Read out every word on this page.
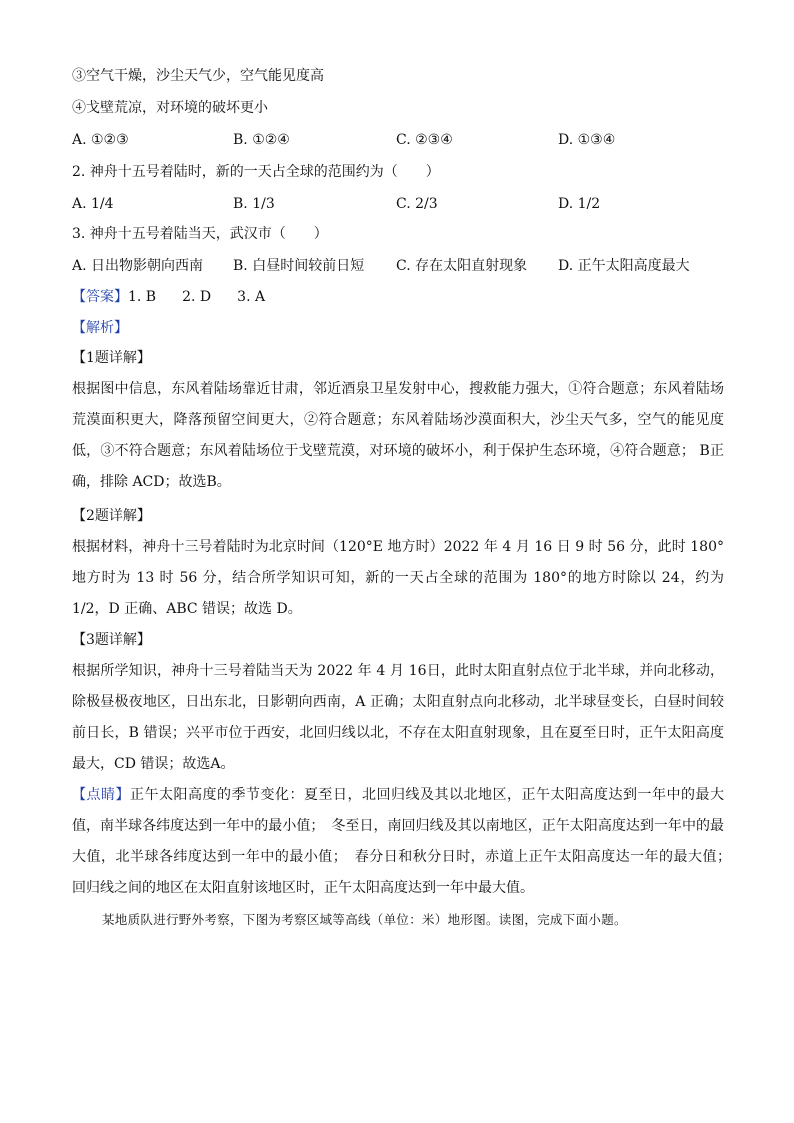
③空气干燥，沙尘天气少，空气能见度高
④戈壁荒凉，对环境的破坏更小
A. ①②③	B. ①②④	C. ②③④	D. ①③④
2. 神舟十五号着陆时，新的一天占全球的范围约为（　　）
A. 1/4	B. 1/3	C. 2/3	D. 1/2
3. 神舟十五号着陆当天，武汉市（　　）
A. 日出物影朝向西南 B. 白昼时间较前日短 C. 存在太阳直射现象 D. 正午太阳高度最大
【答案】1. B 2. D 3. A
【解析】
【1题详解】
根据图中信息，东风着陆场靠近甘肃，邻近酒泉卫星发射中心，搜救能力强大，①符合题意；东风着陆场荒漠面积更大，降落预留空间更大，②符合题意；东风着陆场沙漠面积大，沙尘天气多，空气的能见度低，③不符合题意；东风着陆场位于戈壁荒漠，对环境的破坏小，利于保护生态环境，④符合题意； B正确，排除 ACD；故选B。
【2题详解】
根据材料，神舟十三号着陆时为北京时间（120°E 地方时）2022 年 4 月 16 日 9 时 56 分，此时 180°地方时为 13 时 56 分，结合所学知识可知，新的一天占全球的范围为 180°的地方时除以 24，约为 1/2，D 正确、ABC 错误；故选 D。
【3题详解】
根据所学知识，神舟十三号着陆当天为 2022 年 4 月 16日，此时太阳直射点位于北半球，并向北移动，除极昼极夜地区，日出东北，日影朝向西南，A 正确；太阳直射点向北移动，北半球昼变长，白昼时间较前日长，B 错误；兴平市位于西安，北回归线以北，不存在太阳直射现象，且在夏至日时，正午太阳高度最大，CD 错误；故选A。
【点睛】正午太阳高度的季节变化：夏至日，北回归线及其以北地区，正午太阳高度达到一年中的最大值，南半球各纬度达到一年中的最小值；　冬至日，南回归线及其以南地区，正午太阳高度达到一年中的最大值，北半球各纬度达到一年中的最小值；　春分日和秋分日时，赤道上正午太阳高度达一年的最大值；　回归线之间的地区在太阳直射该地区时，正午太阳高度达到一年中最大值。
某地质队进行野外考察，下图为考察区域等高线（单位：米）地形图。读图，完成下面小题。
